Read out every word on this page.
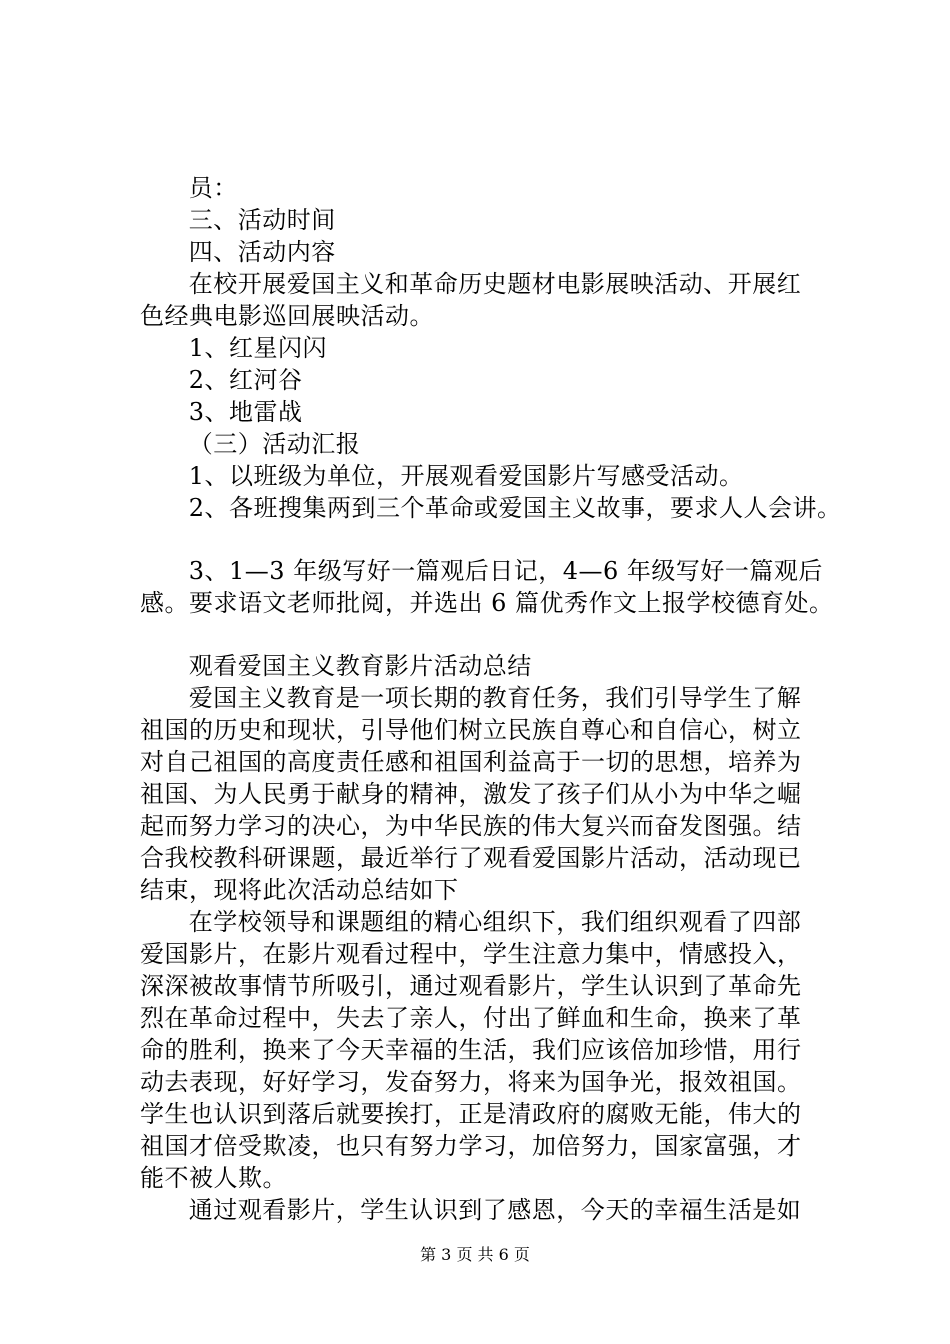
员：

三、活动时间

四、活动内容

在校开展爱国主义和革命历史题材电影展映活动、开展红

色经典电影巡回展映活动。

1、红星闪闪

2、红河谷

3、地雷战

（三）活动汇报

1、以班级为单位，开展观看爱国影片写感受活动。

2、各班搜集两到三个革命或爱国主义故事，要求人人会讲。

3、1—3 年级写好一篇观后日记，4—6 年级写好一篇观后

感。要求语文老师批阅，并选出 6 篇优秀作文上报学校德育处。

观看爱国主义教育影片活动总结

爱国主义教育是一项长期的教育任务，我们引导学生了解

祖国的历史和现状，引导他们树立民族自尊心和自信心，树立

对自己祖国的高度责任感和祖国利益高于一切的思想，培养为

祖国、为人民勇于献身的精神，激发了孩子们从小为中华之崛

起而努力学习的决心，为中华民族的伟大复兴而奋发图强。结

合我校教科研课题，最近举行了观看爱国影片活动，活动现已

结束，现将此次活动总结如下

在学校领导和课题组的精心组织下，我们组织观看了四部

爱国影片，在影片观看过程中，学生注意力集中，情感投入，

深深被故事情节所吸引，通过观看影片，学生认识到了革命先

烈在革命过程中，失去了亲人，付出了鲜血和生命，换来了革

命的胜利，换来了今天幸福的生活，我们应该倍加珍惜，用行

动去表现，好好学习，发奋努力，将来为国争光，报效祖国。

学生也认识到落后就要挨打，正是清政府的腐败无能，伟大的

祖国才倍受欺凌，也只有努力学习，加倍努力，国家富强，才

能不被人欺。

通过观看影片，学生认识到了感恩，今天的幸福生活是如

第 3 页 共 6 页
